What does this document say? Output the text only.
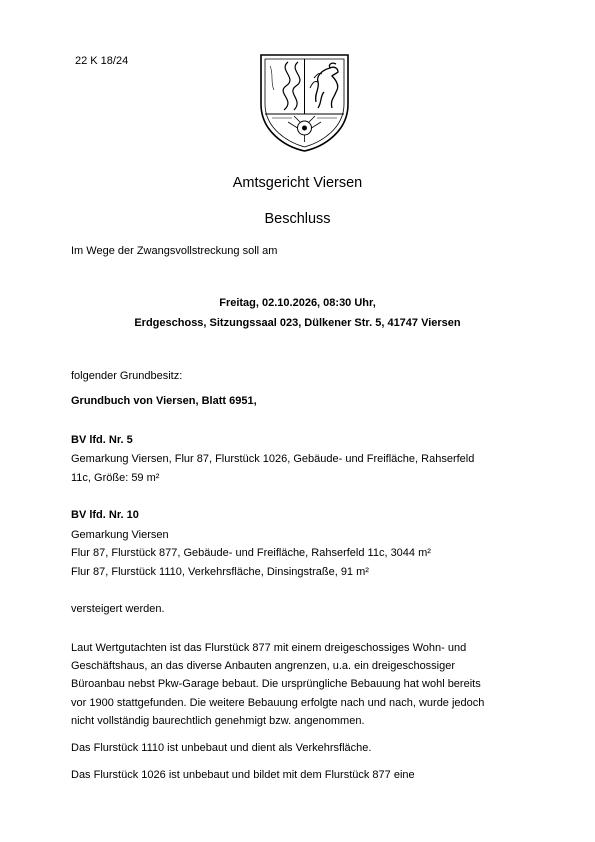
22 K 18/24
Amtsgericht Viersen
Beschluss
Im Wege der Zwangsvollstreckung soll am
Freitag, 02.10.2026, 08:30 Uhr,
Erdgeschoss, Sitzungssaal 023, Dülkener Str. 5, 41747 Viersen
folgender Grundbesitz:
Grundbuch von Viersen, Blatt 6951,
BV lfd. Nr. 5
Gemarkung Viersen, Flur 87, Flurstück 1026, Gebäude- und Freifläche, Rahserfeld
11c, Größe: 59 m²
BV lfd. Nr. 10
Gemarkung Viersen
Flur 87, Flurstück 877, Gebäude- und Freifläche, Rahserfeld 11c, 3044 m²
Flur 87, Flurstück 1110, Verkehrsfläche, Dinsingstraße, 91 m²
versteigert werden.
Laut Wertgutachten ist das Flurstück 877 mit einem dreigeschossiges Wohn- und
Geschäftshaus, an das diverse Anbauten angrenzen, u.a. ein dreigeschossiger
Büroanbau nebst Pkw-Garage bebaut. Die ursprüngliche Bebauung hat wohl bereits
vor 1900 stattgefunden. Die weitere Bebauung erfolgte nach und nach, wurde jedoch
nicht vollständig baurechtlich genehmigt bzw. angenommen.
Das Flurstück 1110 ist unbebaut und dient als Verkehrsfläche.
Das Flurstück 1026 ist unbebaut und bildet mit dem Flurstück 877 eine
